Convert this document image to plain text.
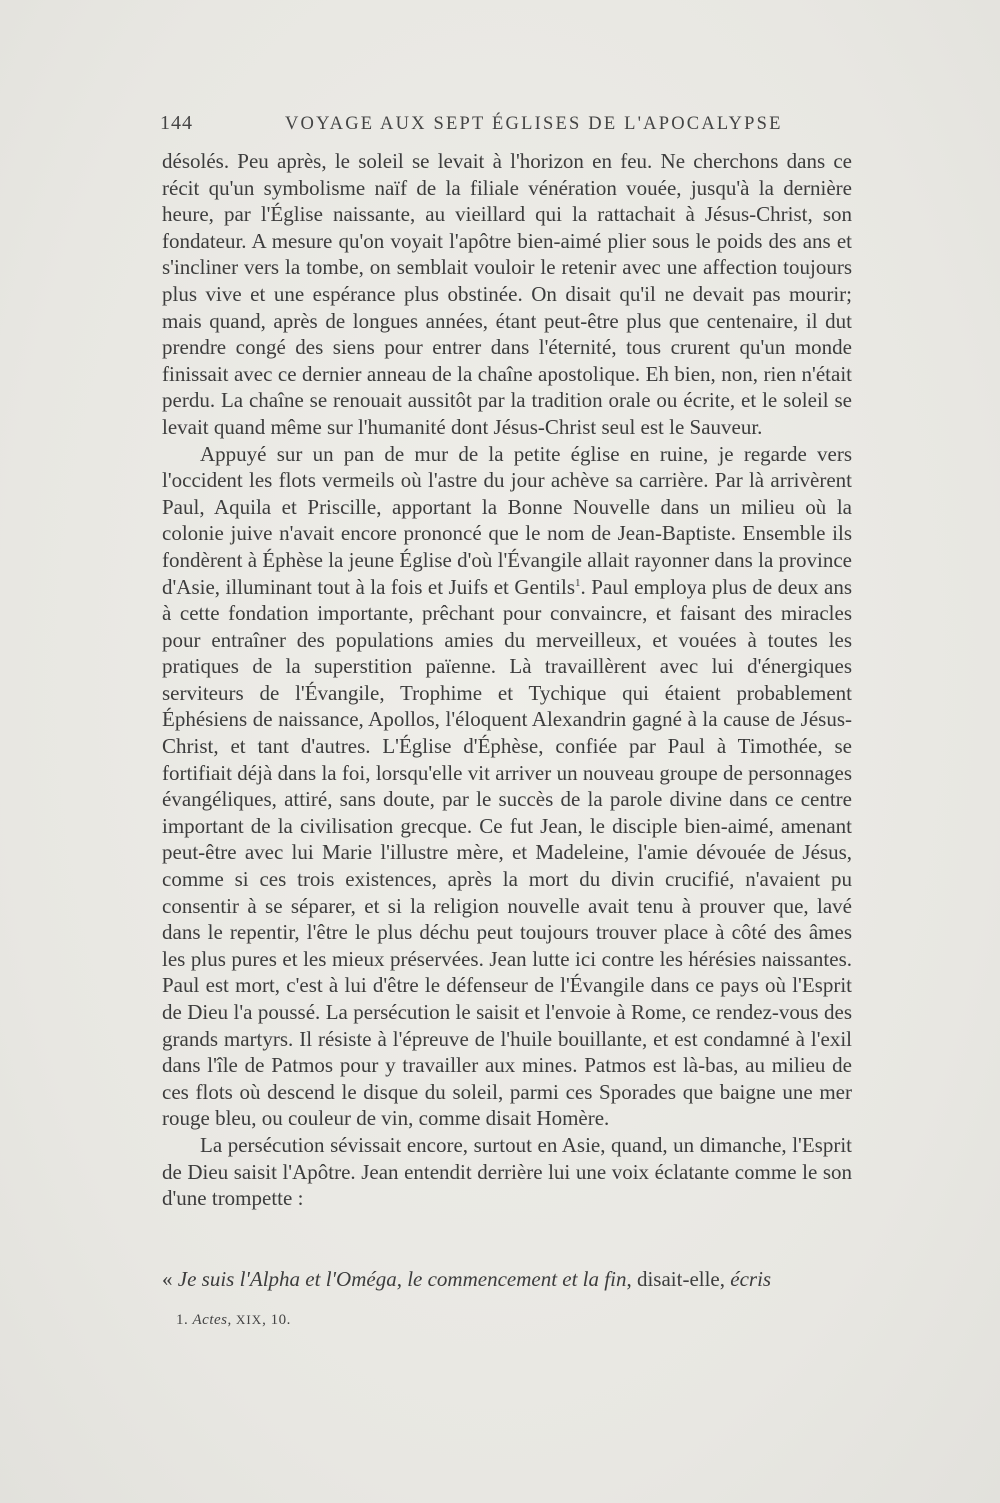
144	VOYAGE AUX SEPT ÉGLISES DE L'APOCALYPSE

désolés. Peu après, le soleil se levait à l'horizon en feu. Ne cherchons dans ce récit qu'un symbolisme naïf de la filiale vénération vouée, jusqu'à la dernière heure, par l'Église naissante, au vieillard qui la rattachait à Jésus-Christ, son fondateur. A mesure qu'on voyait l'apôtre bien-aimé plier sous le poids des ans et s'incliner vers la tombe, on semblait vouloir le retenir avec une affection toujours plus vive et une espérance plus obstinée. On disait qu'il ne devait pas mourir; mais quand, après de longues années, étant peut-être plus que centenaire, il dut prendre congé des siens pour entrer dans l'éternité, tous crurent qu'un monde finissait avec ce dernier anneau de la chaîne apostolique. Eh bien, non, rien n'était perdu. La chaîne se renouait aussitôt par la tradition orale ou écrite, et le soleil se levait quand même sur l'humanité dont Jésus-Christ seul est le Sauveur.

Appuyé sur un pan de mur de la petite église en ruine, je regarde vers l'occident les flots vermeils où l'astre du jour achève sa carrière. Par là arrivèrent Paul, Aquila et Priscille, apportant la Bonne Nouvelle dans un milieu où la colonie juive n'avait encore prononcé que le nom de Jean-Baptiste. Ensemble ils fondèrent à Éphèse la jeune Église d'où l'Évangile allait rayonner dans la province d'Asie, illuminant tout à la fois et Juifs et Gentils$^1$. Paul employa plus de deux ans à cette fondation importante, prêchant pour convaincre, et faisant des miracles pour entraîner des populations amies du merveilleux, et vouées à toutes les pratiques de la superstition païenne. Là travaillèrent avec lui d'énergiques serviteurs de l'Évangile, Trophime et Tychique qui étaient probablement Éphésiens de naissance, Apollos, l'éloquent Alexandrin gagné à la cause de Jésus-Christ, et tant d'autres. L'Église d'Éphèse, confiée par Paul à Timothée, se fortifiait déjà dans la foi, lorsqu'elle vit arriver un nouveau groupe de personnages évangéliques, attiré, sans doute, par le succès de la parole divine dans ce centre important de la civilisation grecque. Ce fut Jean, le disciple bien-aimé, amenant peut-être avec lui Marie l'illustre mère, et Madeleine, l'amie dévouée de Jésus, comme si ces trois existences, après la mort du divin crucifié, n'avaient pu consentir à se séparer, et si la religion nouvelle avait tenu à prouver que, lavé dans le repentir, l'être le plus déchu peut toujours trouver place à côté des âmes les plus pures et les mieux préservées. Jean lutte ici contre les hérésies naissantes. Paul est mort, c'est à lui d'être le défenseur de l'Évangile dans ce pays où l'Esprit de Dieu l'a poussé. La persécution le saisit et l'envoie à Rome, ce rendez-vous des grands martyrs. Il résiste à l'épreuve de l'huile bouillante, et est condamné à l'exil dans l'île de Patmos pour y travailler aux mines. Patmos est là-bas, au milieu de ces flots où descend le disque du soleil, parmi ces Sporades que baigne une mer rouge bleu, ou couleur de vin, comme disait Homère.

La persécution sévissait encore, surtout en Asie, quand, un dimanche, l'Esprit de Dieu saisit l'Apôtre. Jean entendit derrière lui une voix éclatante comme le son d'une trompette :

« Je suis l'Alpha et l'Oméga, le commencement et la fin, disait-elle, écris
1. Actes, XIX, 10.
